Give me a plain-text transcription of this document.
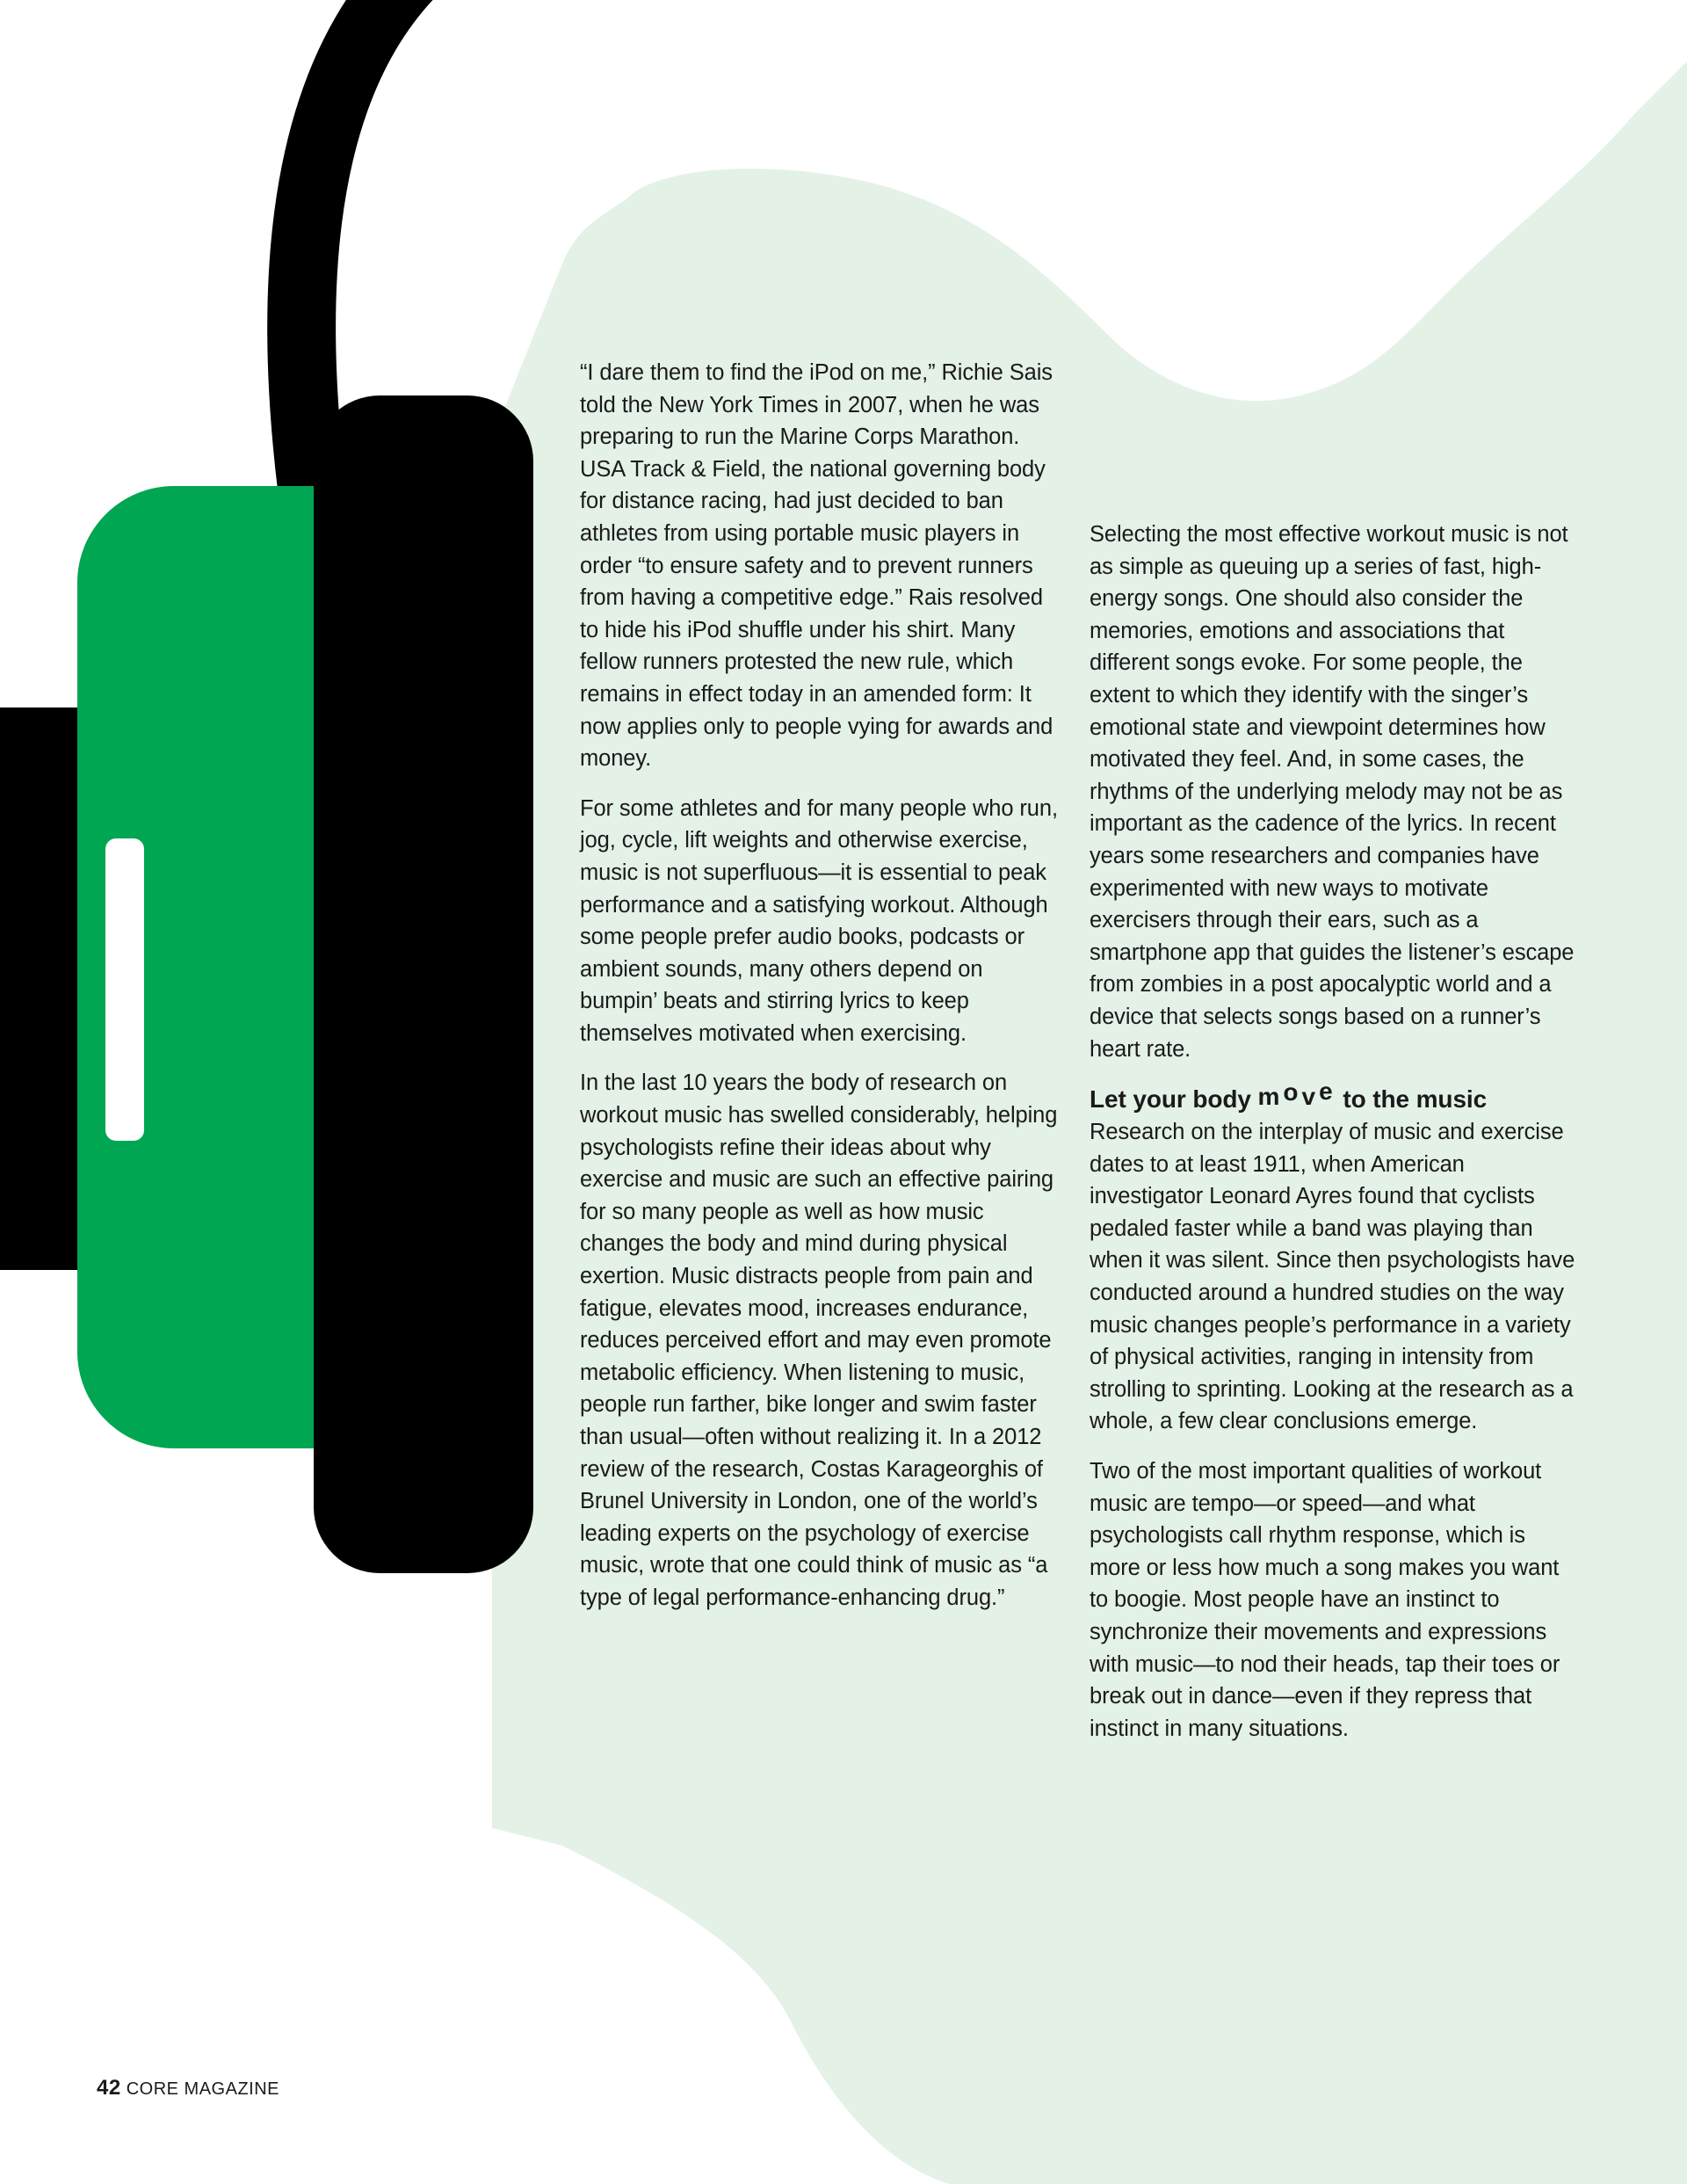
“I dare them to find the iPod on me,” Richie Sais told the New York Times in 2007, when he was preparing to run the Marine Corps Marathon. USA Track & Field, the national governing body for distance racing, had just decided to ban athletes from using portable music players in order “to ensure safety and to prevent runners from having a competitive edge.” Rais resolved to hide his iPod shuffle under his shirt. Many fellow runners protested the new rule, which remains in effect today in an amended form: It now applies only to people vying for awards and money.

For some athletes and for many people who run, jog, cycle, lift weights and otherwise exercise, music is not superfluous—it is essential to peak performance and a satisfying workout. Although some people prefer audio books, podcasts or ambient sounds, many others depend on bumpin’ beats and stirring lyrics to keep themselves motivated when exercising.

In the last 10 years the body of research on workout music has swelled considerably, helping psychologists refine their ideas about why exercise and music are such an effective pairing for so many people as well as how music changes the body and mind during physical exertion. Music distracts people from pain and fatigue, elevates mood, increases endurance, reduces perceived effort and may even promote metabolic efficiency. When listening to music, people run farther, bike longer and swim faster than usual—often without realizing it. In a 2012 review of the research, Costas Karageorghis of Brunel University in London, one of the world’s leading experts on the psychology of exercise music, wrote that one could think of music as “a type of legal performance-enhancing drug.”

Selecting the most effective workout music is not as simple as queuing up a series of fast, high-energy songs. One should also consider the memories, emotions and associations that different songs evoke. For some people, the extent to which they identify with the singer’s emotional state and viewpoint determines how motivated they feel. And, in some cases, the rhythms of the underlying melody may not be as important as the cadence of the lyrics. In recent years some researchers and companies have experimented with new ways to motivate exercisers through their ears, such as a smartphone app that guides the listener’s escape from zombies in a post apocalyptic world and a device that selects songs based on a runner’s heart rate.

Let your body move to the music

Research on the interplay of music and exercise dates to at least 1911, when American investigator Leonard Ayres found that cyclists pedaled faster while a band was playing than when it was silent. Since then psychologists have conducted around a hundred studies on the way music changes people’s performance in a variety of physical activities, ranging in intensity from strolling to sprinting. Looking at the research as a whole, a few clear conclusions emerge.

Two of the most important qualities of workout music are tempo—or speed—and what psychologists call rhythm response, which is more or less how much a song makes you want to boogie. Most people have an instinct to synchronize their movements and expressions with music—to nod their heads, tap their toes or break out in dance—even if they repress that instinct in many situations.

42 CORE MAGAZINE
